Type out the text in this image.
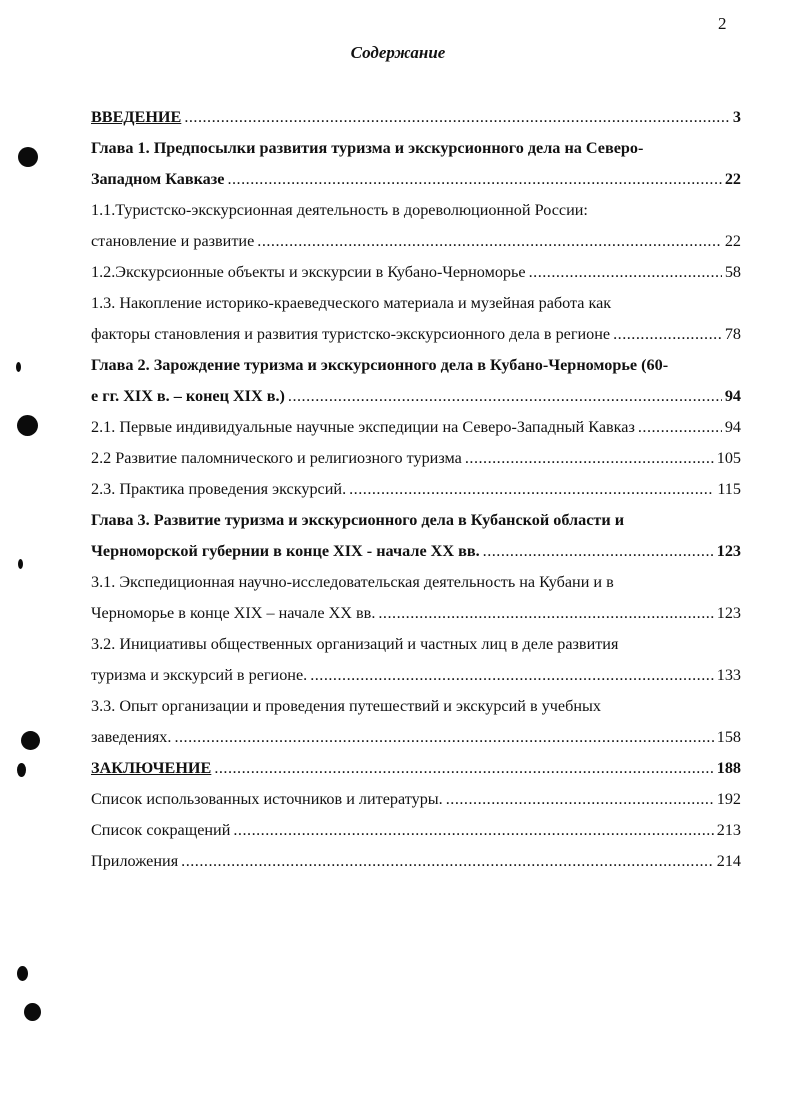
2
Содержание
ВВЕДЕНИЕ .....	3
Глава 1. Предпосылки развития туризма и экскурсионного дела на Северо-
Западном Кавказе .....	22
1.1.Туристско-экскурсионная деятельность в дореволюционной России:
становление и развитие .....	22
1.2.Экскурсионные объекты и экскурсии в Кубано-Черноморье .....	58
1.3. Накопление историко-краеведческого материала и музейная работа как
факторы становления и развития туристско-экскурсионного дела в регионе .....	78
Глава 2. Зарождение туризма и экскурсионного дела в Кубано-Черноморье (60-
е гг. XIX в. – конец XIX в.) .....	94
2.1. Первые индивидуальные научные экспедиции на Северо-Западный Кавказ .....	94
2.2 Развитие паломнического и религиозного туризма .....	105
2.3. Практика проведения экскурсий. .....	115
Глава 3. Развитие туризма и экскурсионного дела в Кубанской области и
Черноморской губернии в конце XIX - начале XX вв. .....	123
3.1. Экспедиционная научно-исследовательская деятельность на Кубани и в
Черноморье в конце XIX – начале XX вв. .....	123
3.2. Инициативы общественных организаций и частных лиц в деле развития
туризма и экскурсий в регионе. .....	133
3.3. Опыт организации и проведения путешествий и экскурсий в учебных
заведениях. .....	158
ЗАКЛЮЧЕНИЕ .....	188
Список использованных источников и литературы. .....	192
Список сокращений .....	213
Приложения .....	214
